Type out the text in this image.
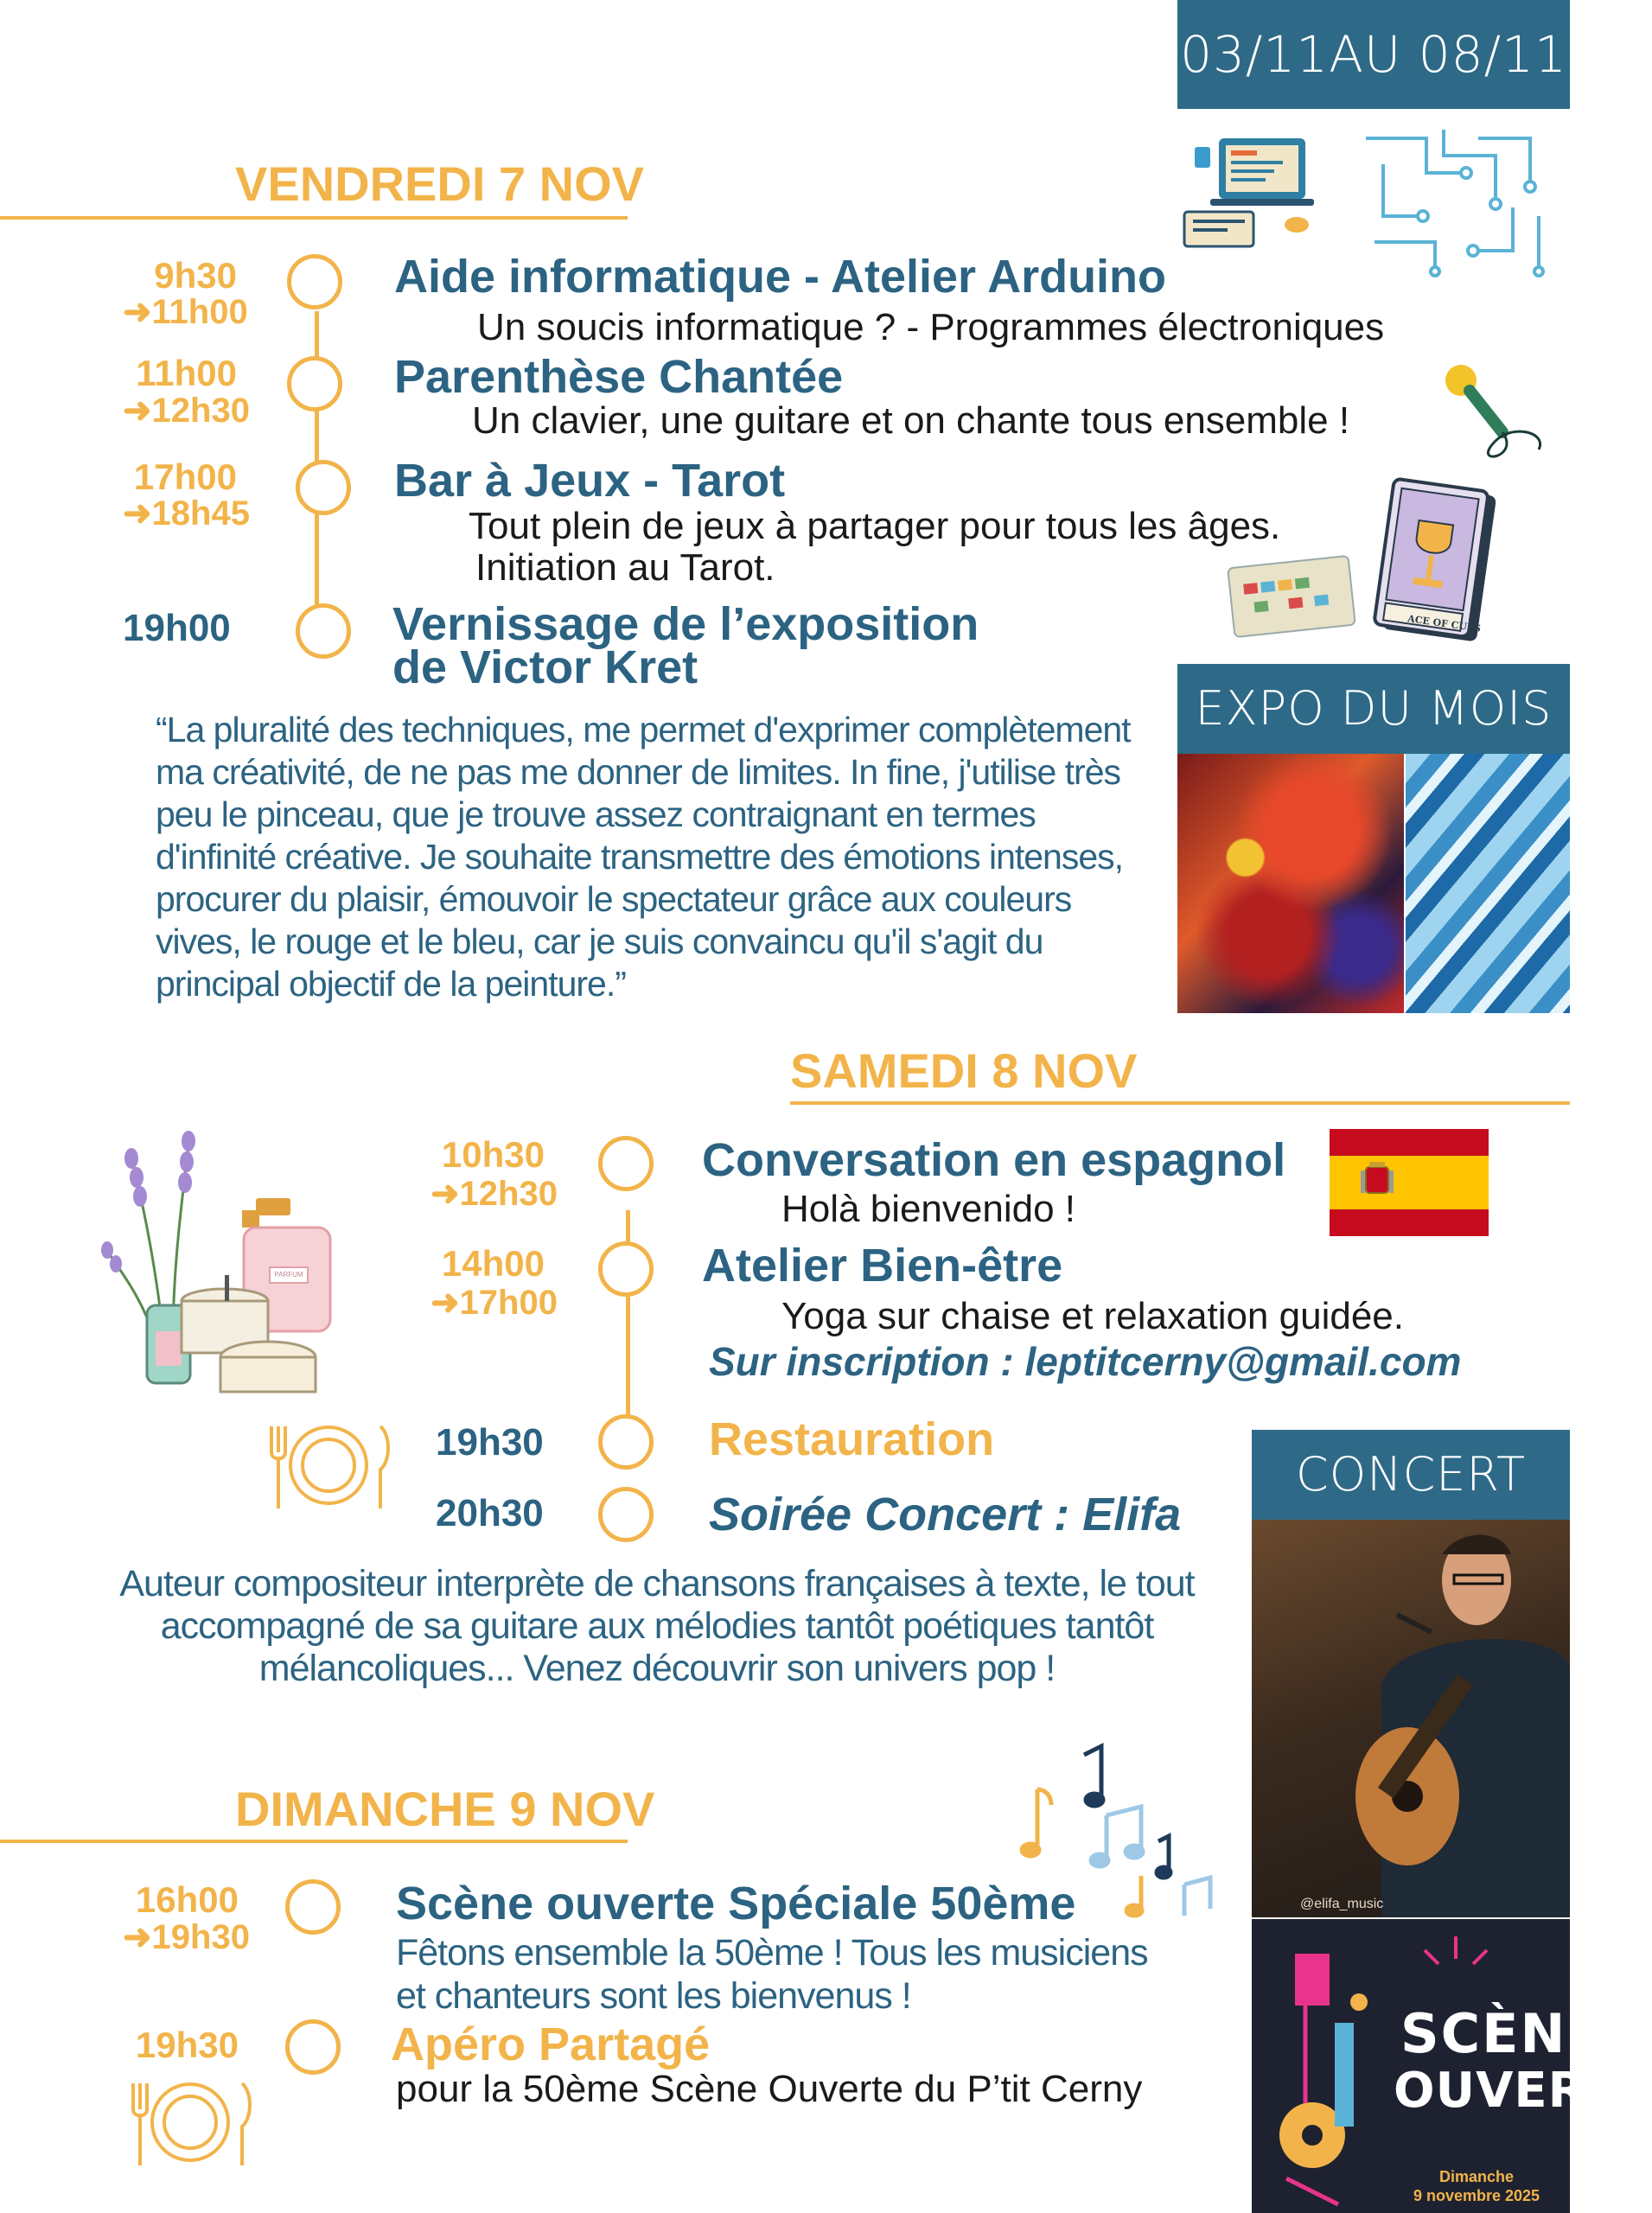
03/11AU 08/11
VENDREDI 7 NOV
9h30
➜11h00
Aide informatique - Atelier Arduino
Un soucis informatique ? - Programmes électroniques
11h00
➜12h30
Parenthèse Chantée
Un clavier, une guitare et on chante tous ensemble !
17h00
➜18h45
Bar à Jeux - Tarot
Tout plein de jeux à partager pour tous les âges.
Initiation au Tarot.
ACE OF CUPS
19h00	Vernissage de l’exposition
de Victor Kret
“La pluralité des techniques, me permet d'exprimer complètement ma créativité, de ne pas me donner de limites. In fine, j'utilise très peu le pinceau, que je trouve assez contraignant en termes d'infinité créative. Je souhaite transmettre des émotions intenses, procurer du plaisir, émouvoir le spectateur grâce aux couleurs vives, le rouge et le bleu, car je suis convaincu qu'il s'agit du principal objectif de la peinture.”
EXPO DU MOIS
SAMEDI 8 NOV
PARFUM
10h30
➜12h30
Conversation en espagnol
Holà bienvenido !
14h00
➜17h00
Atelier Bien-être
Yoga sur chaise et relaxation guidée.
Sur inscription : leptitcerny@gmail.com
19h30	Restauration
20h30	Soirée Concert : Elifa
Auteur compositeur interprète de chansons françaises à texte, le tout
accompagné de sa guitare aux mélodies tantôt poétiques tantôt
mélancoliques... Venez découvrir son univers pop !
CONCERT
@elifa_music
DIMANCHE 9 NOV
16h00
➜19h30
Scène ouverte Spéciale 50ème
Fêtons ensemble la 50ème ! Tous les musiciens
et chanteurs sont les bienvenus !
19h30	Apéro Partagé
pour la 50ème Scène Ouverte du P’tit Cerny
SCÈNE
OUVERTE
Dimanche
9 novembre 2025
